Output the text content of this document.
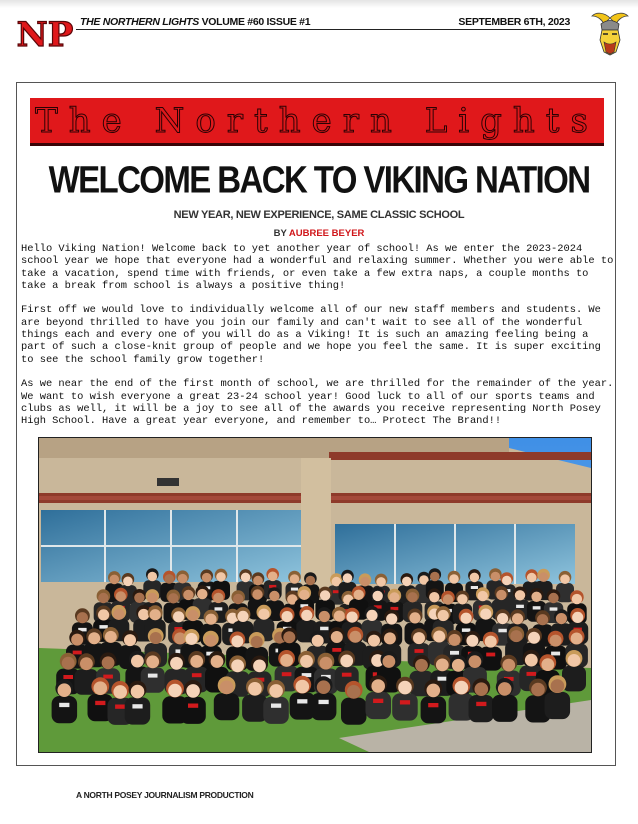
NP THE NORTHERN LIGHTS VOLUME #60 ISSUE #1	SEPTEMBER 6TH, 2023
The Northern Lights
WELCOME BACK TO VIKING NATION
NEW YEAR, NEW EXPERIENCE, SAME CLASSIC SCHOOL
BY AUBREE BEYER

Hello Viking Nation! Welcome back to yet another year of school! As we enter the 2023-2024 school year we hope that everyone had a wonderful and relaxing summer. Whether you were able to take a vacation, spend time with friends, or even take a few extra naps, a couple months to take a break from school is always a positive thing!

First off we would love to individually welcome all of our new staff members and students. We are beyond thrilled to have you join our family and can't wait to see all of the wonderful things each and every one of you will do as a Viking! It is such an amazing feeling being a part of such a close-knit group of people and we hope you feel the same. It is super exciting to see the school family grow together!

As we near the end of the first month of school, we are thrilled for the remainder of the year. We want to wish everyone a great 23-24 school year! Good luck to all of our sports teams and clubs as well, it will be a joy to see all of the awards you receive representing North Posey High School. Have a great year everyone, and remember to… Protect The Brand!!

A NORTH POSEY JOURNALISM PRODUCTION
